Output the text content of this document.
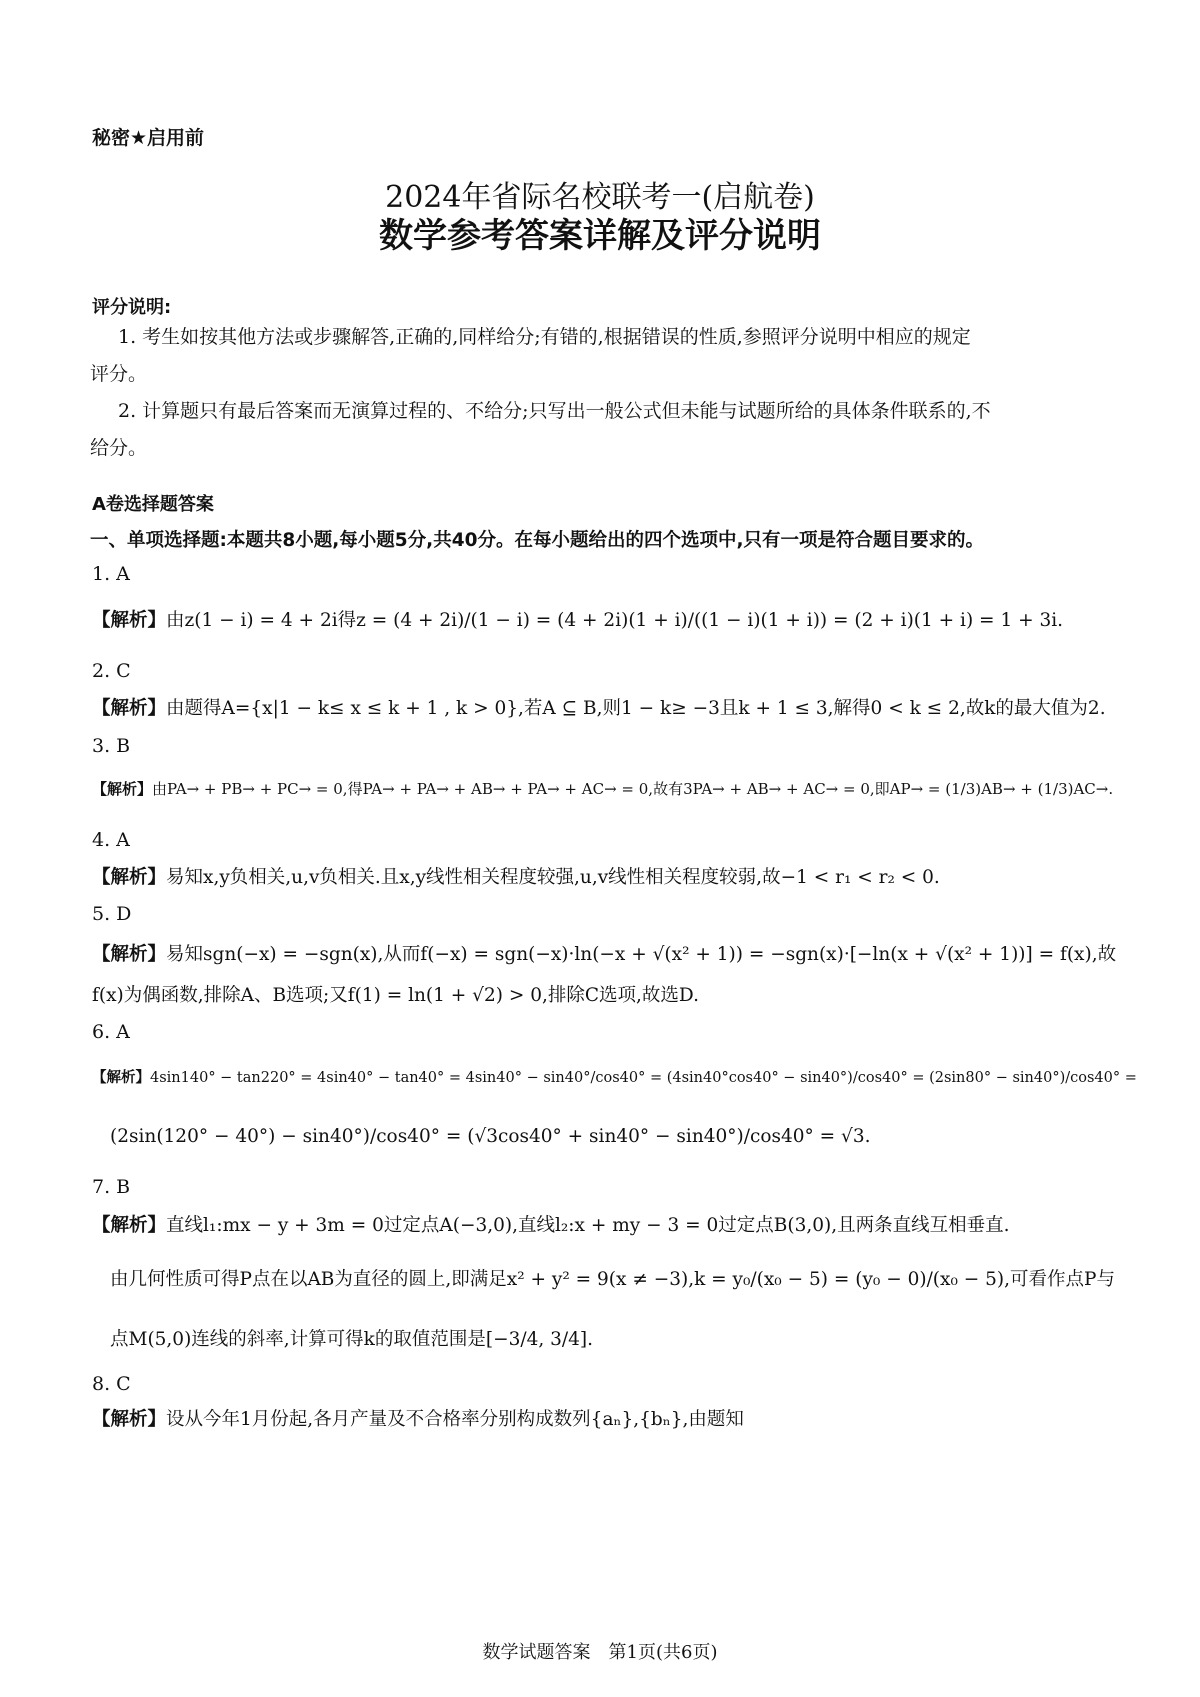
秘密★启用前
2024年省际名校联考一(启航卷)
数学参考答案详解及评分说明
评分说明:
1. 考生如按其他方法或步骤解答,正确的,同样给分;有错的,根据错误的性质,参照评分说明中相应的规定
评分。
2. 计算题只有最后答案而无演算过程的、不给分;只写出一般公式但未能与试题所给的具体条件联系的,不
给分。
A卷选择题答案
一、单项选择题:本题共8小题,每小题5分,共40分。在每小题给出的四个选项中,只有一项是符合题目要求的。
1. A
【解析】由z(1 − i) = 4 + 2i得z = (4 + 2i)/(1 − i) = (4 + 2i)(1 + i)/((1 − i)(1 + i)) = (2 + i)(1 + i) = 1 + 3i.
2. C
【解析】由题得A={x|1 − k≤ x ≤ k + 1 , k > 0},若A ⊆ B,则1 − k≥ −3且k + 1 ≤ 3,解得0 < k ≤ 2,故k的最大值为2.
3. B
【解析】由PA→ + PB→ + PC→ = 0,得PA→ + PA→ + AB→ + PA→ + AC→ = 0,故有3PA→ + AB→ + AC→ = 0,即AP→ = (1/3)AB→ + (1/3)AC→.
4. A
【解析】易知x,y负相关,u,v负相关.且x,y线性相关程度较强,u,v线性相关程度较弱,故−1 < r₁ < r₂ < 0.
5. D
【解析】易知sgn(−x) = −sgn(x),从而f(−x) = sgn(−x)·ln(−x + √(x² + 1)) = −sgn(x)·[−ln(x + √(x² + 1))] = f(x),故
f(x)为偶函数,排除A、B选项;又f(1) = ln(1 + √2) > 0,排除C选项,故选D.
6. A
【解析】4sin140° − tan220° = 4sin40° − tan40° = 4sin40° − sin40°/cos40° = (4sin40°cos40° − sin40°)/cos40° = (2sin80° − sin40°)/cos40° =
(2sin(120° − 40°) − sin40°)/cos40° = (√3cos40° + sin40° − sin40°)/cos40° = √3.
7. B
【解析】直线l₁:mx − y + 3m = 0过定点A(−3,0),直线l₂:x + my − 3 = 0过定点B(3,0),且两条直线互相垂直.
由几何性质可得P点在以AB为直径的圆上,即满足x² + y² = 9(x ≠ −3),k = y₀/(x₀ − 5) = (y₀ − 0)/(x₀ − 5),可看作点P与
点M(5,0)连线的斜率,计算可得k的取值范围是[−3/4, 3/4].
8. C
【解析】设从今年1月份起,各月产量及不合格率分别构成数列{aₙ},{bₙ},由题知
数学试题答案　第1页(共6页)
